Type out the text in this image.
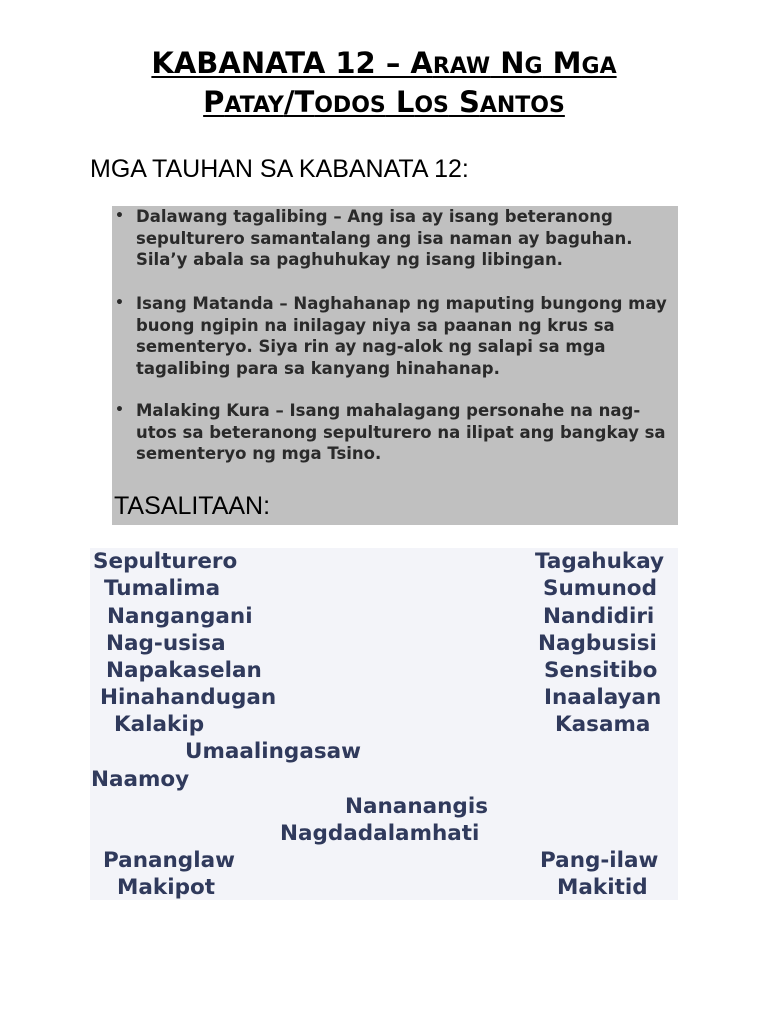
KABANATA 12 – ARAW NG MGA
PATAY/TODOS LOS SANTOS
MGA TAUHAN SA KABANATA 12:
• Dalawang tagalibing – Ang isa ay isang beteranong sepulturero samantalang ang isa naman ay baguhan. Sila’y abala sa paghuhukay ng isang libingan.
• Isang Matanda – Naghahanap ng maputing bungong may buong ngipin na inilagay niya sa paanan ng krus sa sementeryo. Siya rin ay nag-alok ng salapi sa mga tagalibing para sa kanyang hinahanap.
• Malaking Kura – Isang mahalagang personahe na nag-utos sa beteranong sepulturero na ilipat ang bangkay sa sementeryo ng mga Tsino.
TASALITAAN:
Sepulturero	Tagahukay
Tumalima	Sumunod
Nangangani	Nandidiri
Nag-usisa	Nagbusisi
Napakaselan	Sensitibo
Hinahandugan	Inaalayan
Kalakip	Kasama
Umaalingasaw
Naamoy
Nananangis
Nagdadalamhati
Pananglaw	Pang-ilaw
Makipot	Makitid
